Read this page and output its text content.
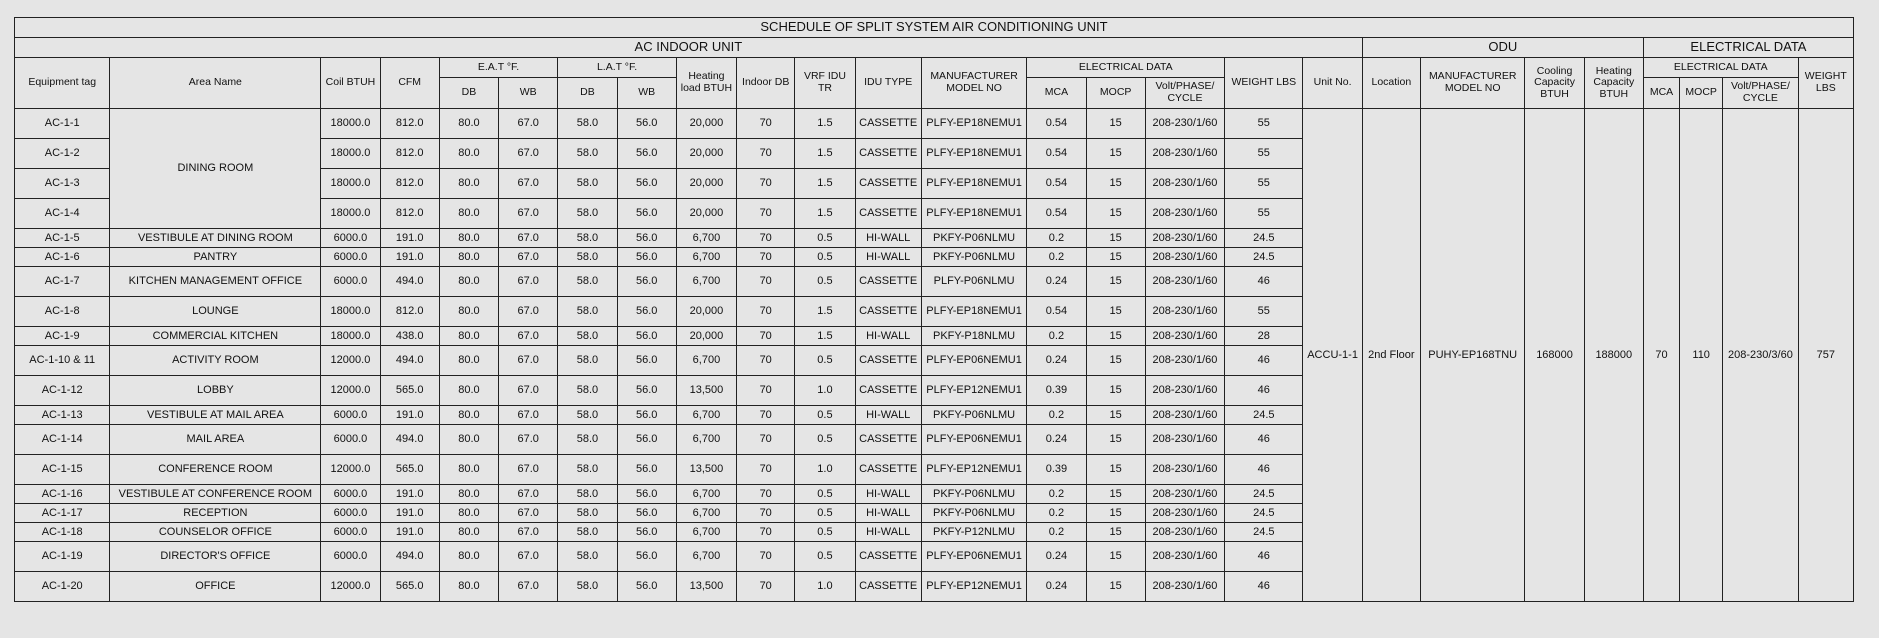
SCHEDULE OF SPLIT SYSTEM AIR CONDITIONING UNIT																									
AC INDOOR UNIT																		ODU				ELECTRICAL DATA			
Equipment tag	Area Name	Coil BTUH	CFM	E.A.T °F.		L.A.T °F.		Heating load BTUH	Indoor DB	VRF IDU TR	IDU TYPE	MANUFACTURER MODEL NO	ELECTRICAL DATA			WEIGHT LBS	Unit No.	Location	MANUFACTURER MODEL NO	Cooling Capacity BTUH	Heating Capacity BTUH	ELECTRICAL DATA			WEIGHT LBS
				DB	WB	DB	WB						MCA	MOCP	Volt/PHASE/ CYCLE							MCA	MOCP	Volt/PHASE/ CYCLE	
AC-1-1	DINING ROOM	18000.0	812.0	80.0	67.0	58.0	56.0	20,000	70	1.5	CASSETTE	PLFY-EP18NEMU1	0.54	15	208-230/1/60	55	ACCU-1-1	2nd Floor	PUHY-EP168TNU	168000	188000	70	110	208-230/3/60	757
AC-1-2		18000.0	812.0	80.0	67.0	58.0	56.0	20,000	70	1.5	CASSETTE	PLFY-EP18NEMU1	0.54	15	208-230/1/60	55									
AC-1-3		18000.0	812.0	80.0	67.0	58.0	56.0	20,000	70	1.5	CASSETTE	PLFY-EP18NEMU1	0.54	15	208-230/1/60	55									
AC-1-4		18000.0	812.0	80.0	67.0	58.0	56.0	20,000	70	1.5	CASSETTE	PLFY-EP18NEMU1	0.54	15	208-230/1/60	55									
AC-1-5	VESTIBULE AT DINING ROOM	6000.0	191.0	80.0	67.0	58.0	56.0	6,700	70	0.5	HI-WALL	PKFY-P06NLMU	0.2	15	208-230/1/60	24.5									
AC-1-6	PANTRY	6000.0	191.0	80.0	67.0	58.0	56.0	6,700	70	0.5	HI-WALL	PKFY-P06NLMU	0.2	15	208-230/1/60	24.5									
AC-1-7	KITCHEN MANAGEMENT OFFICE	6000.0	494.0	80.0	67.0	58.0	56.0	6,700	70	0.5	CASSETTE	PLFY-P06NLMU	0.24	15	208-230/1/60	46									
AC-1-8	LOUNGE	18000.0	812.0	80.0	67.0	58.0	56.0	20,000	70	1.5	CASSETTE	PLFY-EP18NEMU1	0.54	15	208-230/1/60	55									
AC-1-9	COMMERCIAL KITCHEN	18000.0	438.0	80.0	67.0	58.0	56.0	20,000	70	1.5	HI-WALL	PKFY-P18NLMU	0.2	15	208-230/1/60	28									
AC-1-10 & 11	ACTIVITY ROOM	12000.0	494.0	80.0	67.0	58.0	56.0	6,700	70	0.5	CASSETTE	PLFY-EP06NEMU1	0.24	15	208-230/1/60	46									
AC-1-12	LOBBY	12000.0	565.0	80.0	67.0	58.0	56.0	13,500	70	1.0	CASSETTE	PLFY-EP12NEMU1	0.39	15	208-230/1/60	46									
AC-1-13	VESTIBULE AT MAIL AREA	6000.0	191.0	80.0	67.0	58.0	56.0	6,700	70	0.5	HI-WALL	PKFY-P06NLMU	0.2	15	208-230/1/60	24.5									
AC-1-14	MAIL AREA	6000.0	494.0	80.0	67.0	58.0	56.0	6,700	70	0.5	CASSETTE	PLFY-EP06NEMU1	0.24	15	208-230/1/60	46									
AC-1-15	CONFERENCE ROOM	12000.0	565.0	80.0	67.0	58.0	56.0	13,500	70	1.0	CASSETTE	PLFY-EP12NEMU1	0.39	15	208-230/1/60	46									
AC-1-16	VESTIBULE AT CONFERENCE ROOM	6000.0	191.0	80.0	67.0	58.0	56.0	6,700	70	0.5	HI-WALL	PKFY-P06NLMU	0.2	15	208-230/1/60	24.5									
AC-1-17	RECEPTION	6000.0	191.0	80.0	67.0	58.0	56.0	6,700	70	0.5	HI-WALL	PKFY-P06NLMU	0.2	15	208-230/1/60	24.5									
AC-1-18	COUNSELOR OFFICE	6000.0	191.0	80.0	67.0	58.0	56.0	6,700	70	0.5	HI-WALL	PKFY-P12NLMU	0.2	15	208-230/1/60	24.5									
AC-1-19	DIRECTOR'S OFFICE	6000.0	494.0	80.0	67.0	58.0	56.0	6,700	70	0.5	CASSETTE	PLFY-EP06NEMU1	0.24	15	208-230/1/60	46									
AC-1-20	OFFICE	12000.0	565.0	80.0	67.0	58.0	56.0	13,500	70	1.0	CASSETTE	PLFY-EP12NEMU1	0.24	15	208-230/1/60	46									
